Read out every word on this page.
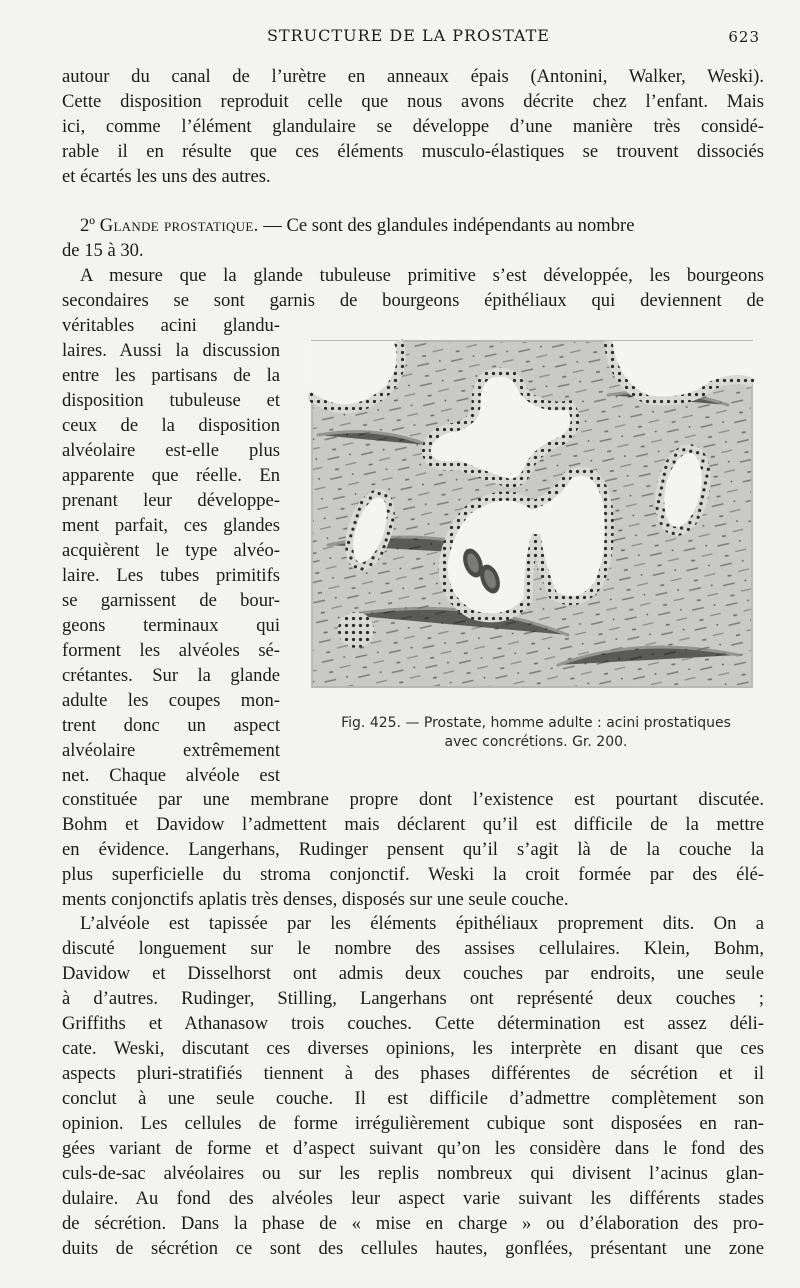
STRUCTURE DE LA PROSTATE	623
autour du canal de l’urètre en anneaux épais (Antonini, Walker, Weski).
Cette disposition reproduit celle que nous avons décrite chez l’enfant. Mais
ici, comme l’élément glandulaire se développe d’une manière très considé-
rable il en résulte que ces éléments musculo-élastiques se trouvent dissociés
et écartés les uns des autres.
2º Glande prostatique. — Ce sont des glandules indépendants au nombre
de 15 à 30.
A mesure que la glande tubuleuse primitive s’est développée, les bourgeons
secondaires se sont garnis de bourgeons épithéliaux qui deviennent de
véritables acini glandu-
laires. Aussi la discussion
entre les partisans de la
disposition tubuleuse et
ceux de la disposition
alvéolaire est-elle plus
apparente que réelle. En
prenant leur développe-
ment parfait, ces glandes
acquièrent le type alvéo-
laire. Les tubes primitifs
se garnissent de bour-
geons terminaux qui
forment les alvéoles sé-
crétantes. Sur la glande
adulte les coupes mon-
trent donc un aspect
alvéolaire extrêmement
net. Chaque alvéole est
Fig. 425. — Prostate, homme adulte : acini prostatiques
avec concrétions. Gr. 200.
constituée par une membrane propre dont l’existence est pourtant discutée.
Bohm et Davidow l’admettent mais déclarent qu’il est difficile de la mettre
en évidence. Langerhans, Rudinger pensent qu’il s’agit là de la couche la
plus superficielle du stroma conjonctif. Weski la croit formée par des élé-
ments conjonctifs aplatis très denses, disposés sur une seule couche.
L’alvéole est tapissée par les éléments épithéliaux proprement dits. On a
discuté longuement sur le nombre des assises cellulaires. Klein, Bohm,
Davidow et Disselhorst ont admis deux couches par endroits, une seule
à d’autres. Rudinger, Stilling, Langerhans ont représenté deux couches ;
Griffiths et Athanasow trois couches. Cette détermination est assez déli-
cate. Weski, discutant ces diverses opinions, les interprète en disant que ces
aspects pluri-stratifiés tiennent à des phases différentes de sécrétion et il
conclut à une seule couche. Il est difficile d’admettre complètement son
opinion. Les cellules de forme irrégulièrement cubique sont disposées en ran-
gées variant de forme et d’aspect suivant qu’on les considère dans le fond des
culs-de-sac alvéolaires ou sur les replis nombreux qui divisent l’acinus glan-
dulaire. Au fond des alvéoles leur aspect varie suivant les différents stades
de sécrétion. Dans la phase de « mise en charge » ou d’élaboration des pro-
duits de sécrétion ce sont des cellules hautes, gonflées, présentant une zone
